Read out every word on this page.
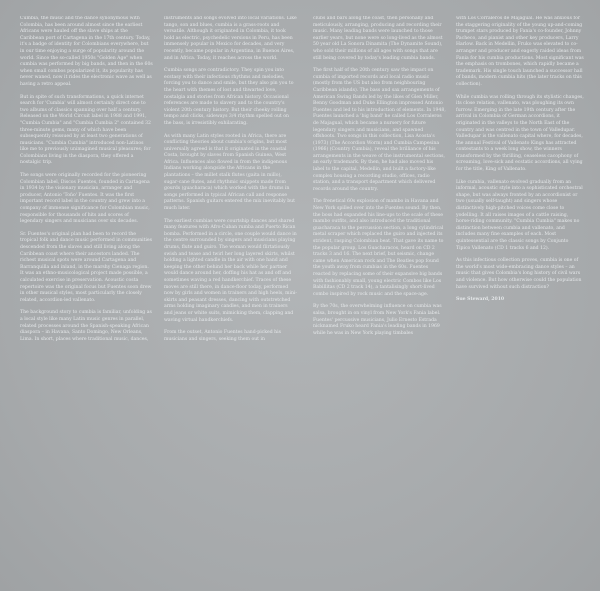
Cumbia, the music and the dance synonymous with Colombia, has been around almost since the earliest Africans were hauled off the slave ships at the Caribbean port of Cartagena in the 17th century. Today, it's a badge of identity for Colombians everywhere, but in our time enjoying a surge of popularity around the world. Since the so-called 1950s "Golden Age" when cumbia was performed by big bands, and then in the 60s when small combos popularized it, its popularity has never waned, now it rides the electronic wave as well as having a retro appeal.

But in spite of such transformations, a quick internet search for 'Cumbia' will almost certainly direct one to two albums of classics spanning over half a century. Released on the World Circuit label in 1988 and 1991, "Cumbia Cumbia" and "Cumbia Cumbia 2" contained 32 three-minute gems, many of which have been subsequently reissued by at least two generations of musicians. "Cumbia Cumbia" introduced non-Latinos like me to previously unimagined musical pleasures; for Colombians living in the diaspora, they offered a nostalgic trip.

The songs were originally recorded for the pioneering Colombian label, Discos Fuentes, founded in Cartagena in 1934 by the visionary musician, arranger and producer, Antonio 'Toño' Fuentes. It was the first important record label in the country and grew into a company of immense significance for Colombian music, responsible for thousands of hits and scores of legendary singers and musicians over six decades.

Sr. Fuentes's original plan had been to record the tropical folk and dance music performed in communities descended from the slaves and still living along the Caribbean coast where their ancestors landed. The richest musical spots were around Cartagena and Barranquilla and inland, in the marshy Cienaga region. It was an ethno-musicological project made possible, a calculated exercise in preservation. Acoustic costa repertoire was the original focus but Fuentes soon drew in other musical styles, most particularly the closely related, accordion-led vallenato.

The background story to cumbia is familiar, unfolding as a local style like many Latin music genres in parallel, related processes around the Spanish-speaking African diaspora – in Havana, Santo Domingo, New Orleans, Lima. In short, places where traditional music, dances,

instruments and songs evolved into local variations. Like tango, son and blues, cumbia is a grass-roots and versatile. Although it originated in Colombia, it took hold as electric, psychedelic versions in Peru, has been immensely popular in Mexico for decades, and very recently, became popular in Argentina, in Buenos Aires, and in Africa. Today, it reaches across the world.

Cumbia songs are contradictory. They spin you into ecstasy with their infectious rhythms and melodies, forcing you to dance and smile, but they also pin you to the heart with themes of lost and thwarted love, nostalgia and stories from African history. Occasional references are made to slavery and to the country's violent 20th century history. But their cheeky rolling tempo and clicks, sideways 3/4 rhythm spelled out on the bass, is irresistibly exhilarating.

As with many Latin styles rooted in Africa, there are conflicting theories about cumbia's origins, but most universally agreed is that it originated in the coastal Costa, brought by slaves from Spanish Guinea, West Africa. Influences also flowed in from the indigenous Indians working alongside the Africans in the plantations – the millet stalk flutes (gaita in millo), sugar-cane flutes, and rhythmic snippets made from gourds (guacharaca) which worked with the drums in songs performed in typical African call and response patterns. Spanish guitars entered the mix inevitably but much later.

The earliest cumbias were courtship dances and shared many features with Afro-Cuban rumba and Puerto Rican bomba. Performed in a circle, one couple would dance in the centre surrounded by singers and musicians playing drums, flute and guiro. The woman would flirtatiously swish and tease and twirl her long layered skirts, whilst holding a lighted candle in the air with one hand and keeping the other behind her back while her partner would dance around her, doffing his hat as and off and sometimes waving a red handkerchief. Traces of these moves are still there, in dance-floor today, performed now by girls and women in trainers and high heels, mini-skirts and peasant dresses, dancing with outstretched arms holding imaginary candles, and men in trainers and jeans or white suits, mimicking them, clapping and waving virtual handkerchiefs.

From the outset, Antonio Fuentes hand-picked his musicians and singers, seeking them out in

clubs and bars along the coast, then personally and meticulously, arranging, producing and recording their music. Many leading bands were launched to those earlier years, but none were so long-lived as the almost 50 year old La Sonora Dinamita (The Dynamite Sound), who sold their millions of all ages with songs that are still being covered by today's leading cumbia bands.

The first half of the 20th century saw the impact on cumbia of imported records and local radio music (mostly from the US but also from neighbouring Caribbean islands). The bass and sax arrangements of American Swing Bands led by the likes of Glen Miller, Benny Goodman and Duke Ellington impressed Antonio Fuentes and led to his introduction of elements. In 1948, Fuentes launched a 'big band' he called Los Corraleros de Majagual, which became a nursery for future legendary singers and musicians, and spawned offshoots. Two songs in this collection, Lisa Acosta's (1973) (The Accordion Worm) and Cumbia Campesina (1966) (Country Cumbia), reveal the brilliance of his arrangements in the weave of the instrumental sections, an early trademark. By then, he had also moved his label to the capital, Medellin, and built a factory-like complex housing a recording studio, offices, radio station, and a transport department which delivered records around the country.

The frenetical 60s explosion of mambo in Havana and New York spilled over into the Fuentes sound. By then, the boss had expanded his line-ups to the scale of these mambo outfits, and also introduced the traditional guacharaca to the percussion section, a long cylindrical metal scraper which replaced the guiro and injected its strident, rasping Colombian beat. That gave its name to the popular group, Los Guacharacos, heard on CD 2 tracks 3 and 16. The next brief, but seismic, change came when American rock and The Beatles pop found the youth away from cumbias in the 60s. Fuentes reacted by replacing some of their expansive big bands with fashionably small, young electric Combos like Los Babillitas (CD 2 track 14), a tantalisingly short-lived combo inspired by rock music and the space-age.

By the 70s, the overwhelming influence on cumbia was salsa, brought in on vinyl from New York's Fania label. Fuentes' percussive musicians, Julio Ernesto Estrada nicknamed Fruko heard Fania's leading bands in 1969 while he was in New York playing timbales

with Los Corraleros de Majagual. He was anxious for the staggering originality of the young up-and-coming trumpet stars produced by Fania's co-founder, Johnny Pacheco, and pianist and other key producers, Larry Harlow. Back in Medellin, Fruko was elevated to co-arranger and producer and eagerly raided ideas from Fania for his cumbia productions. Most significant was the emphasis on trombones, which rapidly became a trademark. His single touch launched a successor hall of bands, modern cumbia hits (the later tracks on this collection).

While cumbia was rolling through its stylistic changes, its close relation, vallenato, was ploughing its own furrow. Emerging in the late 19th century after the arrival in Colombia of German accordions, it originated in the valleys to the North East of the country and was centred in the town of Valledupar. Valledupar is the vallenato capital where, for decades, the annual Festival of Vallenato Kings has attracted contestants to a week long show, the winners transformed by the thrilling, ceaseless cacophony of screaming, love-sick and ecstatic accordions, all vying for the title, King of Vallenato.

Like cumbia, vallenato evolved gradually from an informal, acoustic style into a sophisticated orchestral shape, but was always fronted by an accordionist or two (usually self-taught) and singers whose distinctively high-pitched voices come close to yodelling. It all raises images of a cattle raising, horse-riding community. "Cumbia Cumbia" makes no distinction between cumbia and vallenato, and includes many fine examples of each. Most quintessential are the classic songs by Conjunto Tipico Vallenato (CD 1 tracks 6 and 12).

As this infectious collection proves, cumbia is one of the world's most wide-embracing dance styles – an music that gives Colombia's long history of civil wars and violence. But how otherwise could the population have survived without such distraction?

Sue Steward, 2010
